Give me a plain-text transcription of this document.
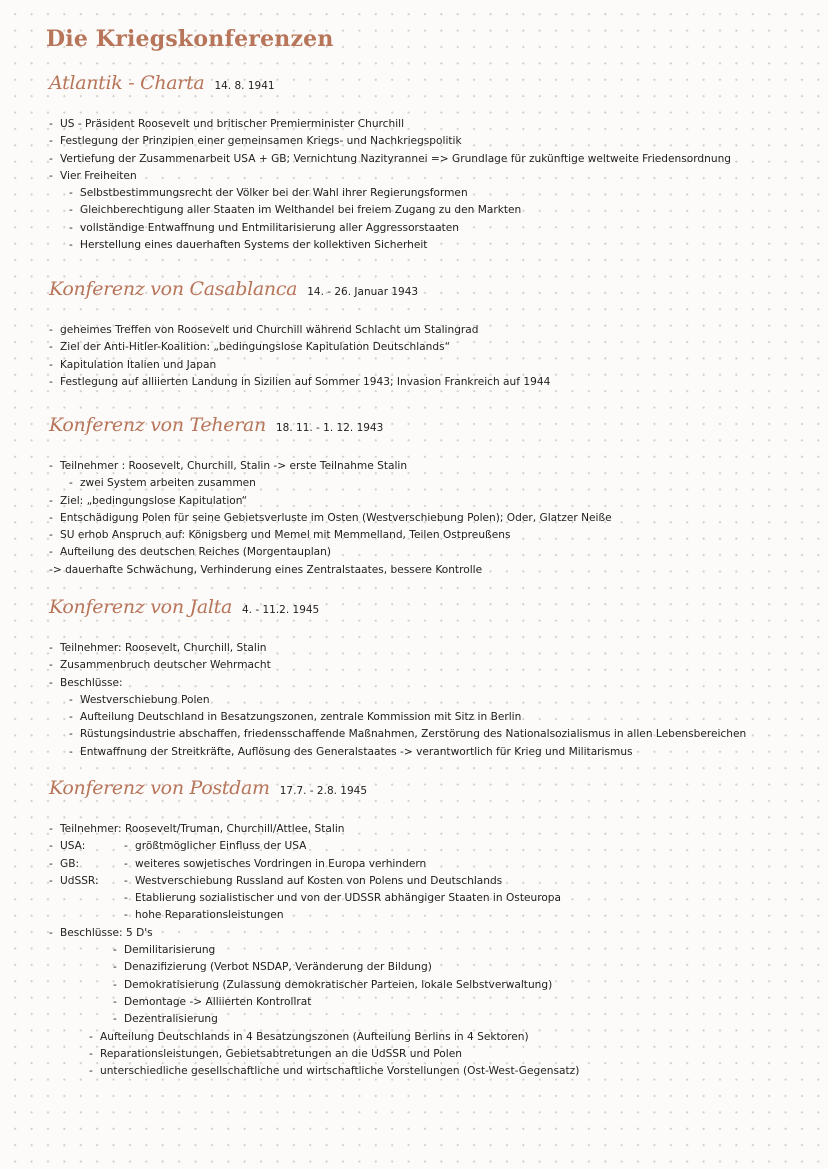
Die Kriegskonferenzen
Atlantik - Charta 14. 8. 1941
- US - Präsident Roosevelt und britischer Premierminister Churchill
- Festlegung der Prinzipien einer gemeinsamen Kriegs- und Nachkriegspolitik
- Vertiefung der Zusammenarbeit USA + GB; Vernichtung Nazityrannei => Grundlage für zukünftige weltweite Friedensordnung
- Vier Freiheiten
- Selbstbestimmungsrecht der Völker bei der Wahl ihrer Regierungsformen
- Gleichberechtigung aller Staaten im Welthandel bei freiem Zugang zu den Markten
- vollständige Entwaffnung und Entmilitarisierung aller Aggressorstaaten
- Herstellung eines dauerhaften Systems der kollektiven Sicherheit
Konferenz von Casablanca 14. - 26. Januar 1943
- geheimes Treffen von Roosevelt und Churchill während Schlacht um Stalingrad
- Ziel der Anti-Hitler-Koalition: „bedingungslose Kapitulation Deutschlands“
- Kapitulation Italien und Japan
- Festlegung auf alliierten Landung in Sizilien auf Sommer 1943; Invasion Frankreich auf 1944
Konferenz von Teheran 18. 11. - 1. 12. 1943
- Teilnehmer : Roosevelt, Churchill, Stalin -> erste Teilnahme Stalin
- zwei System arbeiten zusammen
- Ziel: „bedingungslose Kapitulation“
- Entschädigung Polen für seine Gebietsverluste im Osten (Westverschiebung Polen); Oder, Glatzer Neiße
- SU erhob Anspruch auf: Königsberg und Memel mit Memmelland, Teilen Ostpreußens
- Aufteilung des deutschen Reiches (Morgentauplan)
-> dauerhafte Schwächung, Verhinderung eines Zentralstaates, bessere Kontrolle
Konferenz von Jalta 4. - 11.2. 1945
- Teilnehmer: Roosevelt, Churchill, Stalin
- Zusammenbruch deutscher Wehrmacht
- Beschlüsse:
- Westverschiebung Polen
- Aufteilung Deutschland in Besatzungszonen, zentrale Kommission mit Sitz in Berlin
- Rüstungsindustrie abschaffen, friedensschaffende Maßnahmen, Zerstörung des Nationalsozialismus in allen Lebensbereichen
- Entwaffnung der Streitkräfte, Auflösung des Generalstaates -> verantwortlich für Krieg und Militarismus
Konferenz von Postdam 17.7. - 2.8. 1945
- Teilnehmer: Roosevelt/Truman, Churchill/Attlee, Stalin
- USA:	- größtmöglicher Einfluss der USA
- GB:	- weiteres sowjetisches Vordringen in Europa verhindern
- UdSSR: - Westverschiebung Russland auf Kosten von Polens und Deutschlands
- Etablierung sozialistischer und von der UDSSR abhängiger Staaten in Osteuropa
- hohe Reparationsleistungen
- Beschlüsse: 5 D's
- Demilitarisierung
- Denazifizierung (Verbot NSDAP, Veränderung der Bildung)
- Demokratisierung (Zulassung demokratischer Parteien, lokale Selbstverwaltung)
- Demontage -> Alliierten Kontrollrat
- Dezentralisierung
- Aufteilung Deutschlands in 4 Besatzungszonen (Aufteilung Berlins in 4 Sektoren)
- Reparationsleistungen, Gebietsabtretungen an die UdSSR und Polen
- unterschiedliche gesellschaftliche und wirtschaftliche Vorstellungen (Ost-West-Gegensatz)
